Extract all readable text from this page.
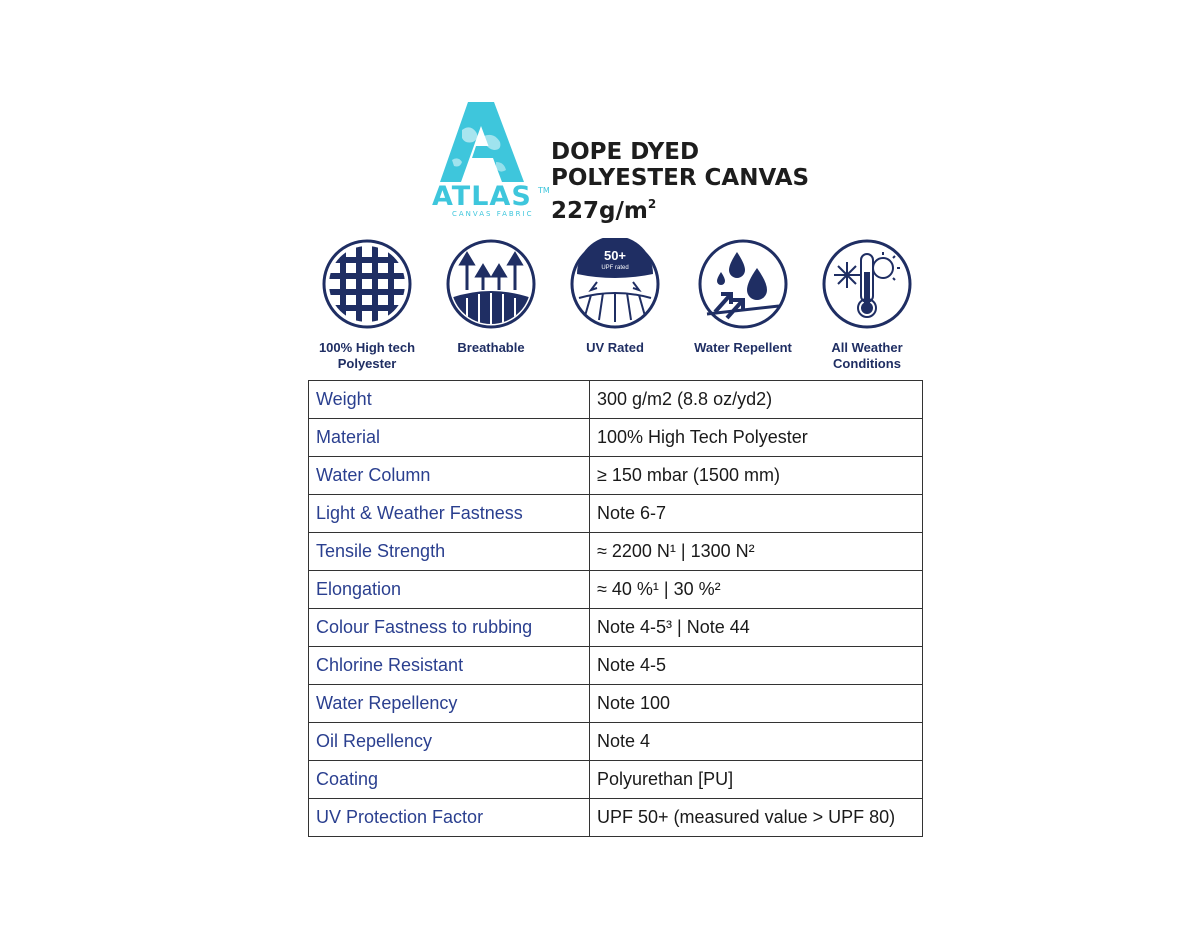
ATLAS TM
CANVAS FABRIC
DOPE DYED
POLYESTER CANVAS
$227g/m^2$
100% High tech Polyester
Breathable
50+
UPF rated
UV Rated	Water Repellent	All Weather Conditions
Weight	300 g/m2 (8.8 oz/yd2)
Material	100% High Tech Polyester
Water Column	≥ 150 mbar (1500 mm)
Light & Weather Fastness	Note 6-7
Tensile Strength	≈ 2200 N¹ | 1300 N²
Elongation	≈ 40 %¹ | 30 %²
Colour Fastness to rubbing	Note 4-5³ | Note 44
Chlorine Resistant	Note 4-5
Water Repellency	Note 100
Oil Repellency	Note 4
Coating	Polyurethan [PU]
UV Protection Factor	UPF 50+ (measured value > UPF 80)
